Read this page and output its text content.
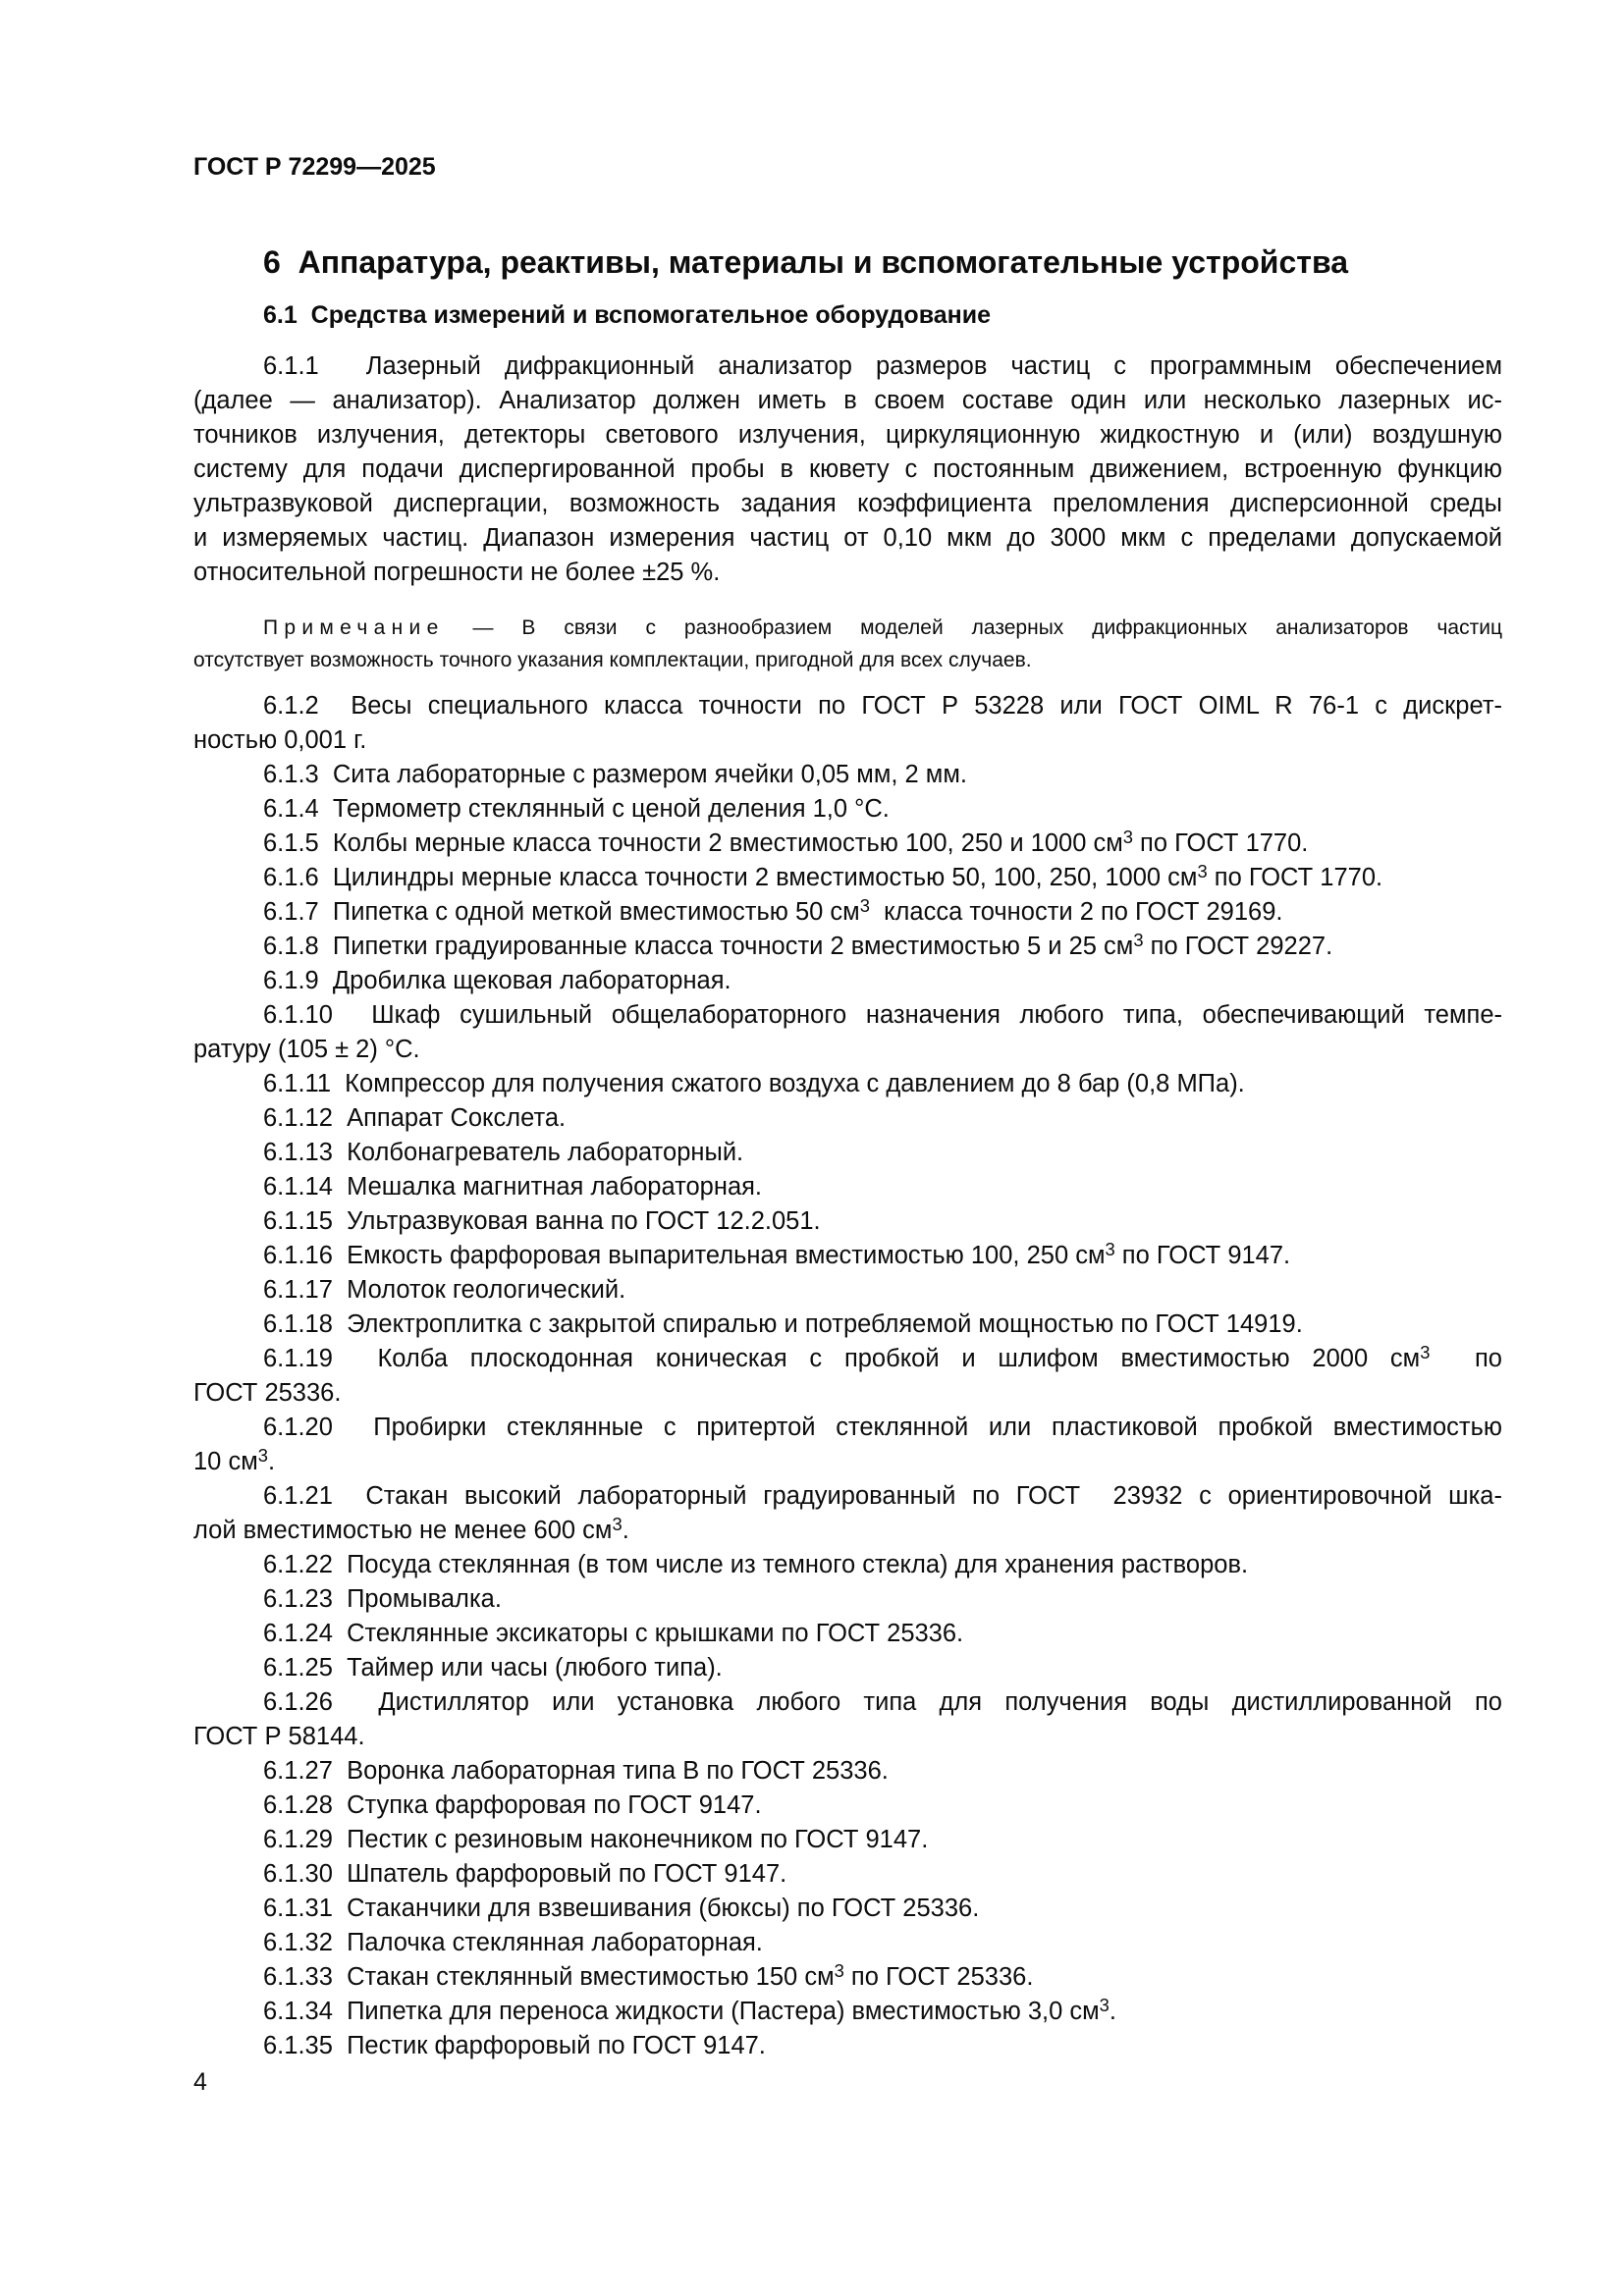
ГОСТ Р 72299—2025
6  Аппаратура, реактивы, материалы и вспомогательные устройства
6.1  Средства измерений и вспомогательное оборудование
6.1.1  Лазерный дифракционный анализатор размеров частиц с программным обеспечением
(далее — анализатор). Анализатор должен иметь в своем составе один или несколько лазерных ис-
точников излучения, детекторы светового излучения, циркуляционную жидкостную и (или) воздушную
систему для подачи диспергированной пробы в кювету с постоянным движением, встроенную функцию
ультразвуковой диспергации, возможность задания коэффициента преломления дисперсионной среды
и измеряемых частиц. Диапазон измерения частиц от 0,10 мкм до 3000 мкм с пределами допускаемой
относительной погрешности не более ±25 %.
Примечание — В связи с разнообразием моделей лазерных дифракционных анализаторов частиц
отсутствует возможность точного указания комплектации, пригодной для всех случаев.
6.1.2  Весы специального класса точности по ГОСТ Р 53228 или ГОСТ OIML R 76-1 с дискрет-
ностью 0,001 г.
6.1.3  Сита лабораторные с размером ячейки 0,05 мм, 2 мм.
6.1.4  Термометр стеклянный с ценой деления 1,0 °С.
6.1.5  Колбы мерные класса точности 2 вместимостью 100, 250 и 1000 $см^3$ по ГОСТ 1770.
6.1.6  Цилиндры мерные класса точности 2 вместимостью 50, 100, 250, 1000 $см^3$ по ГОСТ 1770.
6.1.7  Пипетка с одной меткой вместимостью 50 $см^3$  класса точности 2 по ГОСТ 29169.
6.1.8  Пипетки градуированные класса точности 2 вместимостью 5 и 25 $см^3$ по ГОСТ 29227.
6.1.9  Дробилка щековая лабораторная.
6.1.10  Шкаф сушильный общелабораторного назначения любого типа, обеспечивающий темпе-
ратуру (105 ± 2) °С.
6.1.11  Компрессор для получения сжатого воздуха с давлением до 8 бар (0,8 МПа).
6.1.12  Аппарат Сокслета.
6.1.13  Колбонагреватель лабораторный.
6.1.14  Мешалка магнитная лабораторная.
6.1.15  Ультразвуковая ванна по ГОСТ 12.2.051.
6.1.16  Емкость фарфоровая выпарительная вместимостью 100, 250 $см^3$ по ГОСТ 9147.
6.1.17  Молоток геологический.
6.1.18  Электроплитка с закрытой спиралью и потребляемой мощностью по ГОСТ 14919.
6.1.19  Колба плоскодонная коническая с пробкой и шлифом вместимостью 2000 $см^3$  по
ГОСТ 25336.
6.1.20  Пробирки стеклянные с притертой стеклянной или пластиковой пробкой вместимостью
10 $см^3$.
6.1.21  Стакан высокий лабораторный градуированный по ГОСТ  23932 с ориентировочной шка-
лой вместимостью не менее 600 $см^3$.
6.1.22  Посуда стеклянная (в том числе из темного стекла) для хранения растворов.
6.1.23  Промывалка.
6.1.24  Стеклянные эксикаторы с крышками по ГОСТ 25336.
6.1.25  Таймер или часы (любого типа).
6.1.26  Дистиллятор или установка любого типа для получения воды дистиллированной по
ГОСТ Р 58144.
6.1.27  Воронка лабораторная типа В по ГОСТ 25336.
6.1.28  Ступка фарфоровая по ГОСТ 9147.
6.1.29  Пестик с резиновым наконечником по ГОСТ 9147.
6.1.30  Шпатель фарфоровый по ГОСТ 9147.
6.1.31  Стаканчики для взвешивания (бюксы) по ГОСТ 25336.
6.1.32  Палочка стеклянная лабораторная.
6.1.33  Стакан стеклянный вместимостью 150 $см^3$ по ГОСТ 25336.
6.1.34  Пипетка для переноса жидкости (Пастера) вместимостью 3,0 $см^3$.
6.1.35  Пестик фарфоровый по ГОСТ 9147.
4
